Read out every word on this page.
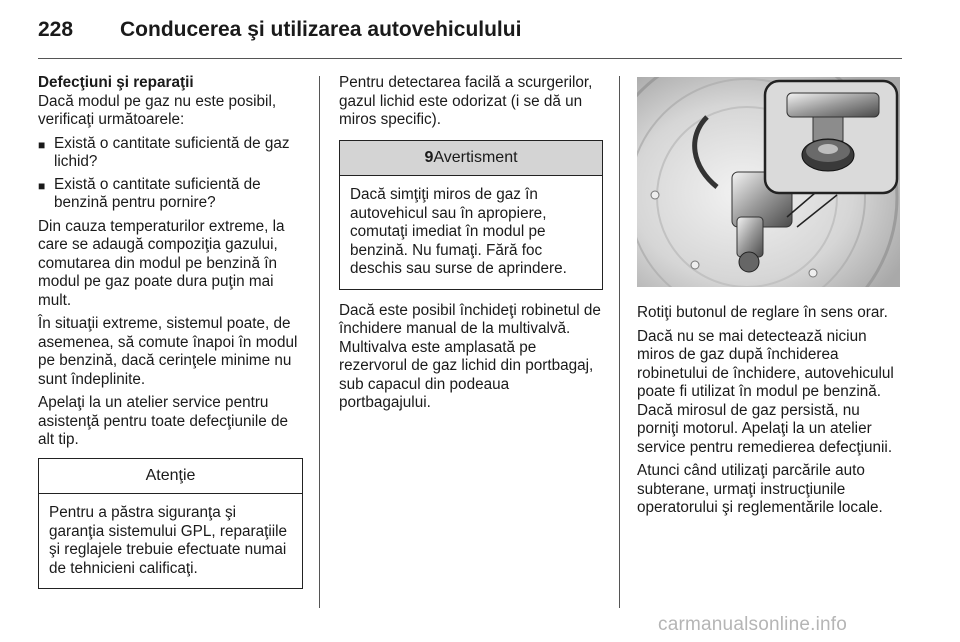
228 Conducerea şi utilizarea autovehiculului

Defecţiuni şi reparaţii

Dacă modul pe gaz nu este posibil, verificaţi următoarele:

■ Există o cantitate suficientă de gaz lichid?
■ Există o cantitate suficientă de benzină pentru pornire?

Din cauza temperaturilor extreme, la care se adaugă compoziţia gazului, comutarea din modul pe benzină în modul pe gaz poate dura puţin mai mult.

În situaţii extreme, sistemul poate, de asemenea, să comute înapoi în modul pe benzină, dacă cerinţele minime nu sunt îndeplinite.

Apelaţi la un atelier service pentru asistenţă pentru toate defecţiunile de alt tip.

Atenţie
Pentru a păstra siguranţa şi garanţia sistemului GPL, reparaţiile şi reglajele trebuie efectuate numai de tehnicieni calificaţi.

Pentru detectarea facilă a scurgerilor, gazul lichid este odorizat (i se dă un miros specific).

9Avertisment
Dacă simţiţi miros de gaz în autovehicul sau în apropiere, comutaţi imediat în modul pe benzină. Nu fumaţi. Fără foc deschis sau surse de aprindere.

Dacă este posibil închideţi robinetul de închidere manual de la multivalvă. Multivalva este amplasată pe rezervorul de gaz lichid din portbagaj, sub capacul din podeaua portbagajului.

Rotiţi butonul de reglare în sens orar.

Dacă nu se mai detectează niciun miros de gaz după închiderea robinetului de închidere, autovehiculul poate fi utilizat în modul pe benzină. Dacă mirosul de gaz persistă, nu porniţi motorul. Apelaţi la un atelier service pentru remedierea defecţiunii.

Atunci când utilizaţi parcările auto subterane, urmaţi instrucţiunile operatorului şi reglementările locale.

carmanualsonline.info
